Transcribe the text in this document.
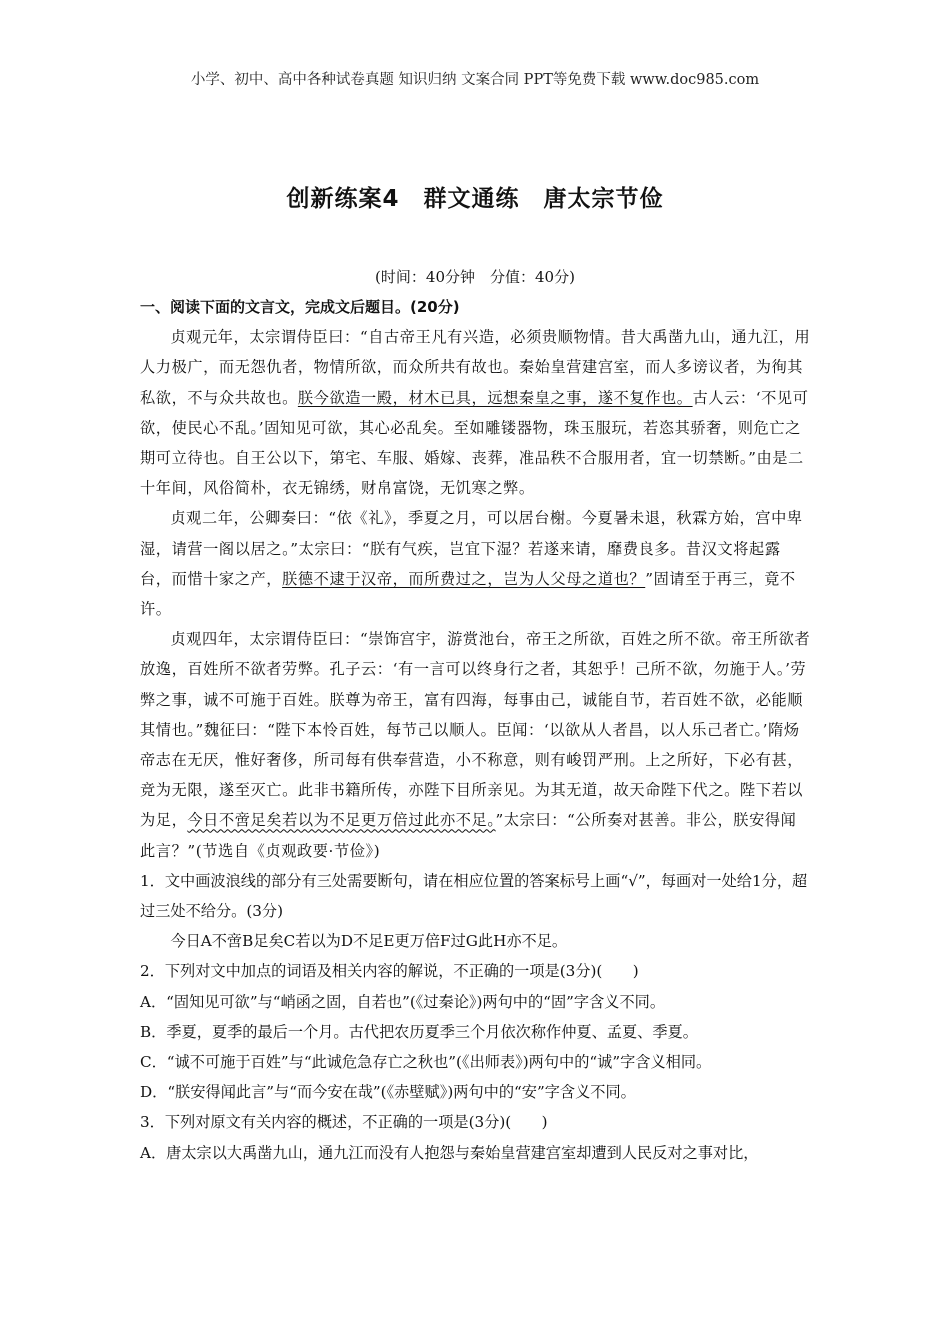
小学、初中、高中各种试卷真题 知识归纳 文案合同 PPT等免费下载 www.doc985.com
创新练案4　群文通练　唐太宗节俭
(时间：40分钟　分值：40分)

一、阅读下面的文言文，完成文后题目。(20分)

贞观元年，太宗谓侍臣曰：“自古帝王凡有兴造，必须贵顺物情。昔大禹凿九山，通九江，用人力极广，而无怨仇者，物情所欲，而众所共有故也。秦始皇营建宫室，而人多谤议者，为徇其私欲，不与众共故也。朕今欲造一殿，材木已具，远想秦皇之事，遂不复作也。古人云：‘不见可欲，使民心不乱。’固知见可欲，其心必乱矣。至如雕镂器物，珠玉服玩，若恣其骄奢，则危亡之期可立待也。自王公以下，第宅、车服、婚嫁、丧葬，准品秩不合服用者，宜一切禁断。”由是二十年间，风俗简朴，衣无锦绣，财帛富饶，无饥寒之弊。

贞观二年，公卿奏曰：“依《礼》，季夏之月，可以居台榭。今夏暑未退，秋霖方始，宫中卑湿，请营一阁以居之。”太宗曰：“朕有气疾，岂宜下湿？若遂来请，靡费良多。昔汉文将起露台，而惜十家之产，朕德不逮于汉帝，而所费过之，岂为人父母之道也？”固请至于再三，竟不许。

贞观四年，太宗谓侍臣曰：“崇饰宫宇，游赏池台，帝王之所欲，百姓之所不欲。帝王所欲者放逸，百姓所不欲者劳弊。孔子云：‘有一言可以终身行之者，其恕乎！己所不欲，勿施于人。’劳弊之事，诚不可施于百姓。朕尊为帝王，富有四海，每事由己，诚能自节，若百姓不欲，必能顺其情也。”魏征曰：“陛下本怜百姓，每节己以顺人。臣闻：‘以欲从人者昌，以人乐己者亡。’隋炀帝志在无厌，惟好奢侈，所司每有供奉营造，小不称意，则有峻罚严刑。上之所好，下必有甚，竞为无限，遂至灭亡。此非书籍所传，亦陛下目所亲见。为其无道，故天命陛下代之。陛下若以为足，今日不啻足矣若以为不足更万倍过此亦不足。”太宗曰：“公所奏对甚善。非公，朕安得闻此言？”(节选自《贞观政要·节俭》)

1．文中画波浪线的部分有三处需要断句，请在相应位置的答案标号上画“√”，每画对一处给1分，超过三处不给分。(3分)

今日A不啻B足矣C若以为D不足E更万倍F过G此H亦不足。

2．下列对文中加点的词语及相关内容的解说，不正确的一项是(3分)(　　)

A．“固知见可欲”与“峭函之固，自若也”(《过秦论》)两句中的“固”字含义不同。

B．季夏，夏季的最后一个月。古代把农历夏季三个月依次称作仲夏、孟夏、季夏。

C．“诚不可施于百姓”与“此诚危急存亡之秋也”(《出师表》)两句中的“诚”字含义相同。

D．“朕安得闻此言”与“而今安在哉”(《赤壁赋》)两句中的“安”字含义不同。

3．下列对原文有关内容的概述，不正确的一项是(3分)(　　)

A．唐太宗以大禹凿九山，通九江而没有人抱怨与秦始皇营建宫室却遭到人民反对之事对比，
